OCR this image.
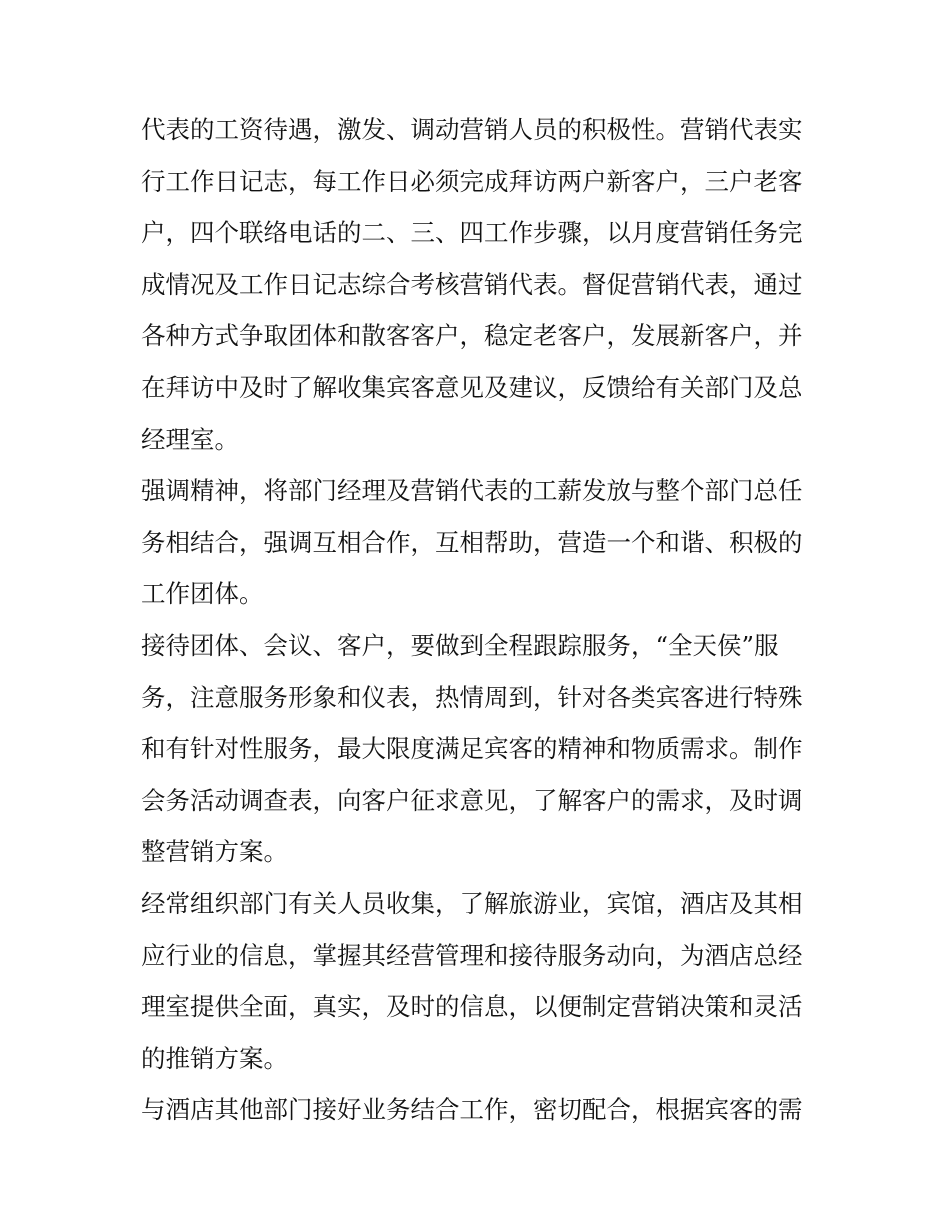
代表的工资待遇，激发、调动营销人员的积极性。营销代表实
行工作日记志，每工作日必须完成拜访两户新客户，三户老客
户，四个联络电话的二、三、四工作步骤，以月度营销任务完
成情况及工作日记志综合考核营销代表。督促营销代表，通过
各种方式争取团体和散客客户，稳定老客户，发展新客户，并
在拜访中及时了解收集宾客意见及建议，反馈给有关部门及总
经理室。
强调精神，将部门经理及营销代表的工薪发放与整个部门总任
务相结合，强调互相合作，互相帮助，营造一个和谐、积极的
工作团体。
接待团体、会议、客户，要做到全程跟踪服务，“全天侯”服
务，注意服务形象和仪表，热情周到，针对各类宾客进行特殊
和有针对性服务，最大限度满足宾客的精神和物质需求。制作
会务活动调查表，向客户征求意见，了解客户的需求，及时调
整营销方案。
经常组织部门有关人员收集，了解旅游业，宾馆，酒店及其相
应行业的信息，掌握其经营管理和接待服务动向，为酒店总经
理室提供全面，真实，及时的信息，以便制定营销决策和灵活
的推销方案。
与酒店其他部门接好业务结合工作，密切配合，根据宾客的需
